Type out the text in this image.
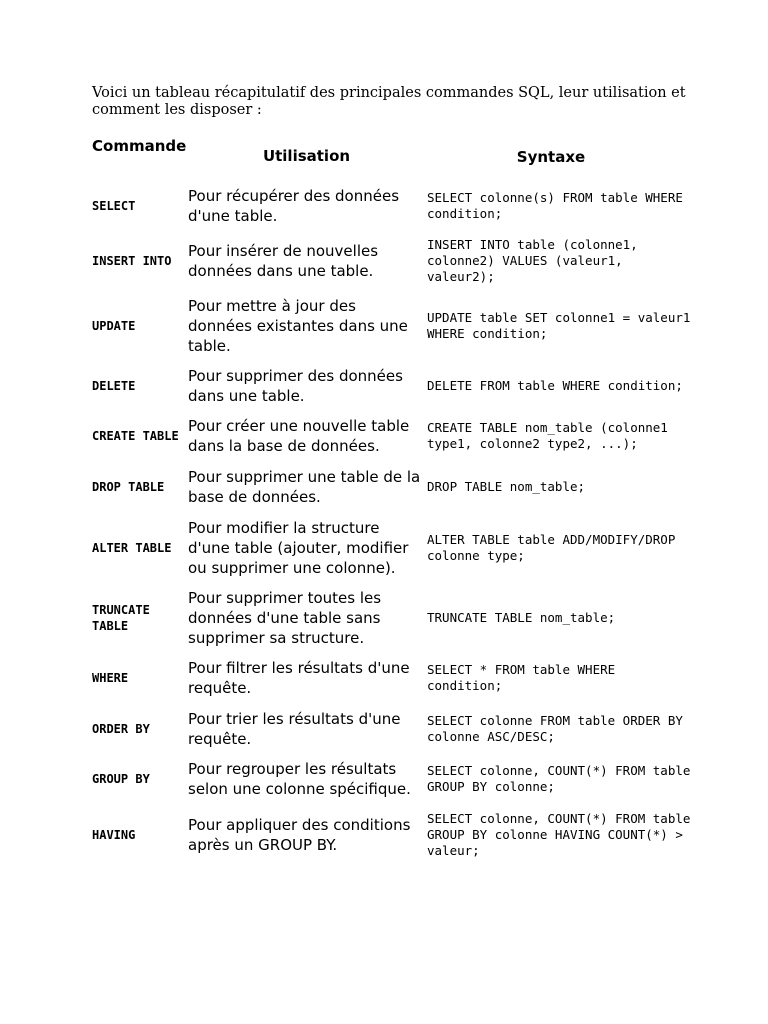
Voici un tableau récapitulatif des principales commandes SQL, leur utilisation et comment les disposer :

Commande
Utilisation	Syntaxe
SELECT
Pour récupérer des données d'une table.
SELECT colonne(s) FROM table WHERE condition;
INSERT INTO
Pour insérer de nouvelles données dans une table.
INSERT INTO table (colonne1, colonne2) VALUES (valeur1, valeur2);
UPDATE
Pour mettre à jour des données existantes dans une table.
UPDATE table SET colonne1 = valeur1 WHERE condition;
DELETE
Pour supprimer des données dans une table.
DELETE FROM table WHERE condition;
CREATE TABLE
Pour créer une nouvelle table dans la base de données.
CREATE TABLE nom_table (colonne1 type1, colonne2 type2, ...);
DROP TABLE
Pour supprimer une table de la base de données.
DROP TABLE nom_table;
ALTER TABLE
Pour modifier la structure d'une table (ajouter, modifier ou supprimer une colonne).
ALTER TABLE table ADD/MODIFY/DROP colonne type;
TRUNCATE TABLE
Pour supprimer toutes les données d'une table sans supprimer sa structure.
TRUNCATE TABLE nom_table;
WHERE
Pour filtrer les résultats d'une requête.
SELECT * FROM table WHERE condition;
ORDER BY
Pour trier les résultats d'une requête.
SELECT colonne FROM table ORDER BY colonne ASC/DESC;
GROUP BY
Pour regrouper les résultats selon une colonne spécifique.
SELECT colonne, COUNT(*) FROM table GROUP BY colonne;
HAVING
Pour appliquer des conditions après un GROUP BY.
SELECT colonne, COUNT(*) FROM table GROUP BY colonne HAVING COUNT(*) > valeur;
